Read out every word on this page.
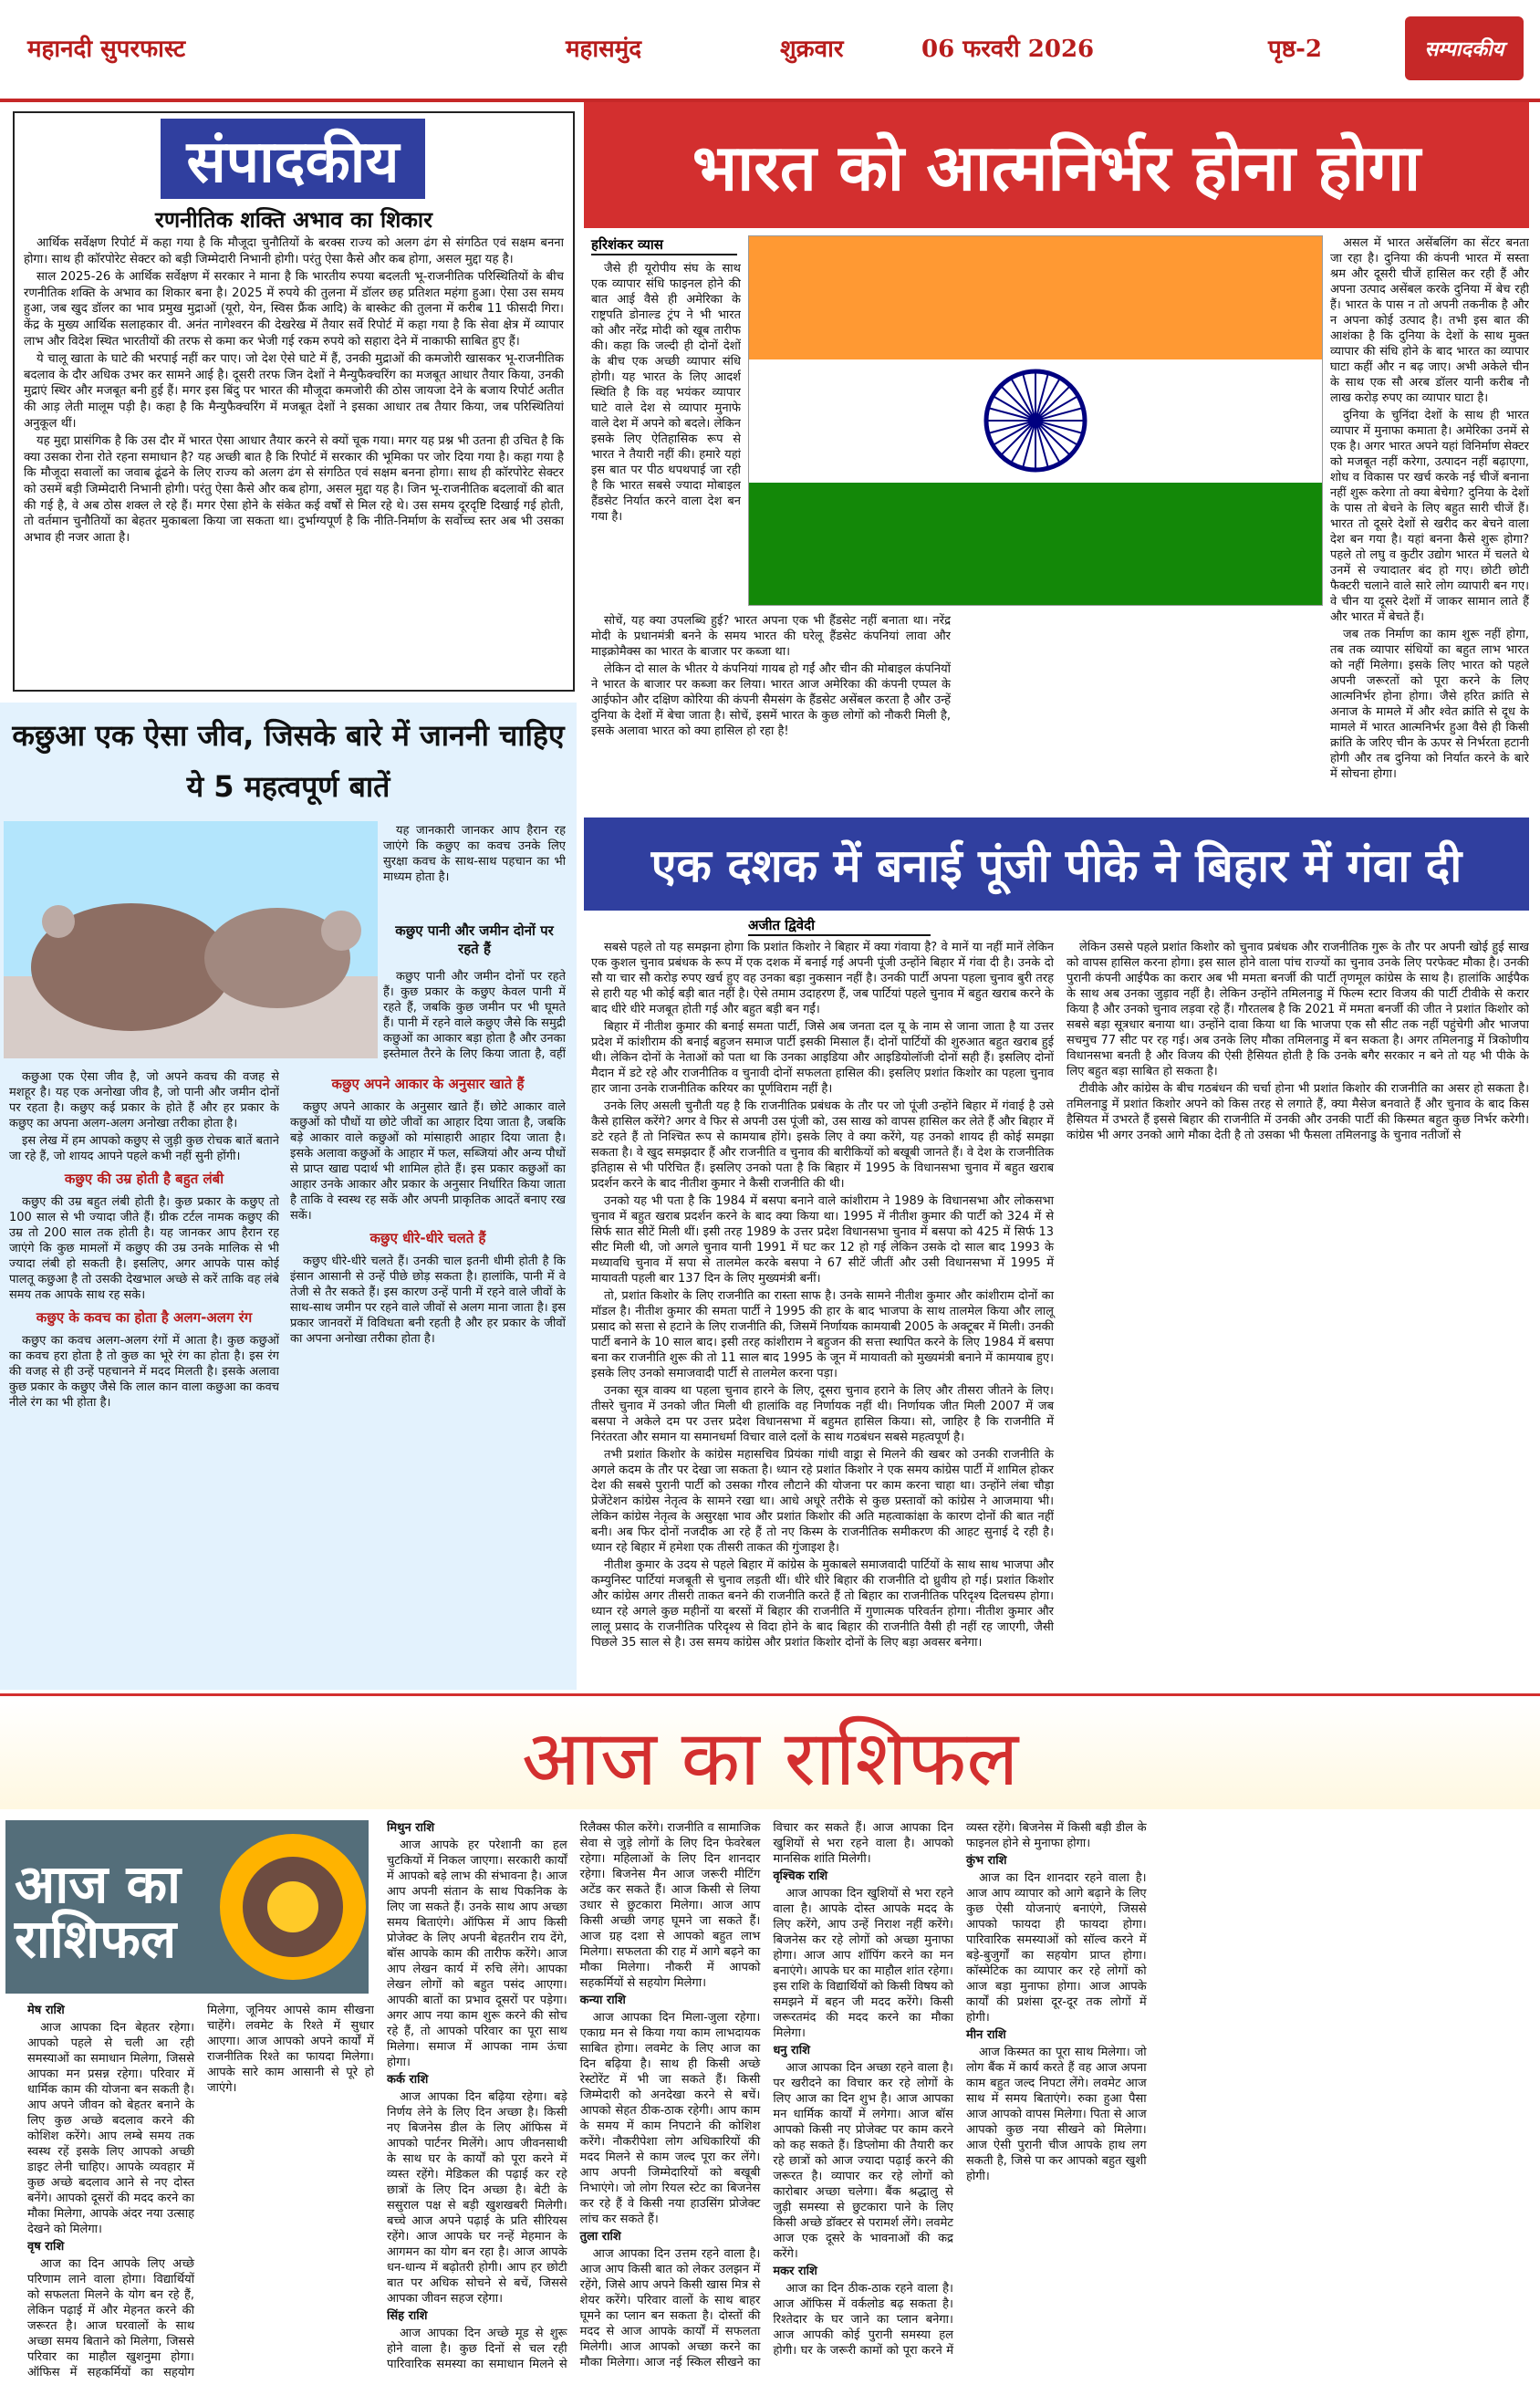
महानदी सुपरफास्ट	महासमुंद	शुक्रवार	06 फरवरी 2026	पृष्ठ-2	सम्पादकीय
संपादकीय
रणनीतिक शक्ति अभाव का शिकार

आर्थिक सर्वेक्षण रिपोर्ट में कहा गया है कि मौजूदा चुनौतियों के बरक्स राज्य को अलग ढंग से संगठित एवं सक्षम बनना होगा। साथ ही कॉरपोरेट सेक्टर को बड़ी जिम्मेदारी निभानी होगी। परंतु ऐसा कैसे और कब होगा, असल मुद्दा यह है।

साल 2025-26 के आर्थिक सर्वेक्षण में सरकार ने माना है कि भारतीय रुपया बदलती भू-राजनीतिक परिस्थितियों के बीच रणनीतिक शक्ति के अभाव का शिकार बना है। 2025 में रुपये की तुलना में डॉलर छह प्रतिशत महंगा हुआ। ऐसा उस समय हुआ, जब खुद डॉलर का भाव प्रमुख मुद्राओं (यूरो, येन, स्विस फ्रैंक आदि) के बास्केट की तुलना में करीब 11 फीसदी गिरा। केंद्र के मुख्य आर्थिक सलाहकार वी. अनंत नागेश्वरन की देखरेख में तैयार सर्वे रिपोर्ट में कहा गया है कि सेवा क्षेत्र में व्यापार लाभ और विदेश स्थित भारतीयों की तरफ से कमा कर भेजी गई रकम रुपये को सहारा देने में नाकाफी साबित हुए हैं।

ये चालू खाता के घाटे की भरपाई नहीं कर पाए। जो देश ऐसे घाटे में हैं, उनकी मुद्राओं की कमजोरी खासकर भू-राजनीतिक बदलाव के दौर अधिक उभर कर सामने आई है। दूसरी तरफ जिन देशों ने मैन्युफैक्चरिंग का मजबूत आधार तैयार किया, उनकी मुद्राएं स्थिर और मजबूत बनी हुई हैं। मगर इस बिंदु पर भारत की मौजूदा कमजोरी की ठोस जायजा देने के बजाय रिपोर्ट अतीत की आड़ लेती मालूम पड़ी है। कहा है कि मैन्युफैक्चरिंग में मजबूत देशों ने इसका आधार तब तैयार किया, जब परिस्थितियां अनुकूल थीं।

यह मुद्दा प्रासंगिक है कि उस दौर में भारत ऐसा आधार तैयार करने से क्यों चूक गया। मगर यह प्रश्न भी उतना ही उचित है कि क्या उसका रोना रोते रहना समाधान है? यह अच्छी बात है कि रिपोर्ट में सरकार की भूमिका पर जोर दिया गया है। कहा गया है कि मौजूदा सवालों का जवाब ढूंढने के लिए राज्य को अलग ढंग से संगठित एवं सक्षम बनना होगा। साथ ही कॉरपोरेट सेक्टर को उसमें बड़ी जिम्मेदारी निभानी होगी। परंतु ऐसा कैसे और कब होगा, असल मुद्दा यह है। जिन भू-राजनीतिक बदलावों की बात की गई है, वे अब ठोस शक्ल ले रहे हैं। मगर ऐसा होने के संकेत कई वर्षों से मिल रहे थे। उस समय दूरदृष्टि दिखाई गई होती, तो वर्तमान चुनौतियों का बेहतर मुकाबला किया जा सकता था। दुर्भाग्यपूर्ण है कि नीति-निर्माण के सर्वोच्च स्तर अब भी उसका अभाव ही नजर आता है।

भारत को आत्मनिर्भर होना होगा
हरिशंकर व्यास

जैसे ही यूरोपीय संघ के साथ एक व्यापार संधि फाइनल होने की बात आई वैसे ही अमेरिका के राष्ट्रपति डोनाल्ड ट्रंप ने भी भारत को और नरेंद्र मोदी को खूब तारीफ की। कहा कि जल्दी ही दोनों देशों के बीच एक अच्छी व्यापार संधि होगी। यह भारत के लिए आदर्श स्थिति है कि वह भयंकर व्यापार घाटे वाले देश से व्यापार मुनाफे वाले देश में अपने को बदले। लेकिन इसके लिए ऐतिहासिक रूप से भारत ने तैयारी नहीं की। हमारे यहां इस बात पर पीठ थपथपाई जा रही है कि भारत सबसे ज्यादा मोबाइल हैंडसेट निर्यात करने वाला देश बन गया है।

सोचें, यह क्या उपलब्धि हुई? भारत अपना एक भी हैंडसेट नहीं बनाता था। नरेंद्र मोदी के प्रधानमंत्री बनने के समय भारत की घरेलू हैंडसेट कंपनियां लावा और माइक्रोमैक्स का भारत के बाजार पर कब्जा था।

लेकिन दो साल के भीतर ये कंपनियां गायब हो गईं और चीन की मोबाइल कंपनियों ने भारत के बाजार पर कब्जा कर लिया। भारत आज अमेरिका की कंपनी एप्पल के आईफोन और दक्षिण कोरिया की कंपनी सैमसंग के हैंडसेट असेंबल करता है और उन्हें दुनिया के देशों में बेचा जाता है। सोचें, इसमें भारत के कुछ लोगों को नौकरी मिली है, इसके अलावा भारत को क्या हासिल हो रहा है!

असल में भारत असेंबलिंग का सेंटर बनता जा रहा है। दुनिया की कंपनी भारत में सस्ता श्रम और दूसरी चीजें हासिल कर रही हैं और अपना उत्पाद असेंबल करके दुनिया में बेच रही हैं। भारत के पास न तो अपनी तकनीक है और न अपना कोई उत्पाद है। तभी इस बात की आशंका है कि दुनिया के देशों के साथ मुक्त व्यापार की संधि होने के बाद भारत का व्यापार घाटा कहीं और न बढ़ जाए। अभी अकेले चीन के साथ एक सौ अरब डॉलर यानी करीब नौ लाख करोड़ रुपए का व्यापार घाटा है।

दुनिया के चुनिंदा देशों के साथ ही भारत व्यापार में मुनाफा कमाता है। अमेरिका उनमें से एक है। अगर भारत अपने यहां विनिर्माण सेक्टर को मजबूत नहीं करेगा, उत्पादन नहीं बढ़ाएगा, शोध व विकास पर खर्च करके नई चीजें बनाना नहीं शुरू करेगा तो क्या बेचेगा? दुनिया के देशों के पास तो बेचने के लिए बहुत सारी चीजें हैं। भारत तो दूसरे देशों से खरीद कर बेचने वाला देश बन गया है। यहां बनना कैसे शुरू होगा? पहले तो लघु व कुटीर उद्योग भारत में चलते थे उनमें से ज्यादातर बंद हो गए। छोटी छोटी फैक्टरी चलाने वाले सारे लोग व्यापारी बन गए। वे चीन या दूसरे देशों में जाकर सामान लाते हैं और भारत में बेचते हैं।

जब तक निर्माण का काम शुरू नहीं होगा, तब तक व्यापार संधियों का बहुत लाभ भारत को नहीं मिलेगा। इसके लिए भारत को पहले अपनी जरूरतों को पूरा करने के लिए आत्मनिर्भर होना होगा। जैसे हरित क्रांति से अनाज के मामले में और श्वेत क्रांति से दूध के मामले में भारत आत्मनिर्भर हुआ वैसे ही किसी क्रांति के जरिए चीन के ऊपर से निर्भरता हटानी होगी और तब दुनिया को निर्यात करने के बारे में सोचना होगा।

कछुआ एक ऐसा जीव, जिसके बारे में जाननी चाहिए ये 5 महत्वपूर्ण बातें

यह जानकारी जानकर आप हैरान रह जाएंगे कि कछुए का कवच उनके लिए सुरक्षा कवच के साथ-साथ पहचान का भी माध्यम होता है।

कछुए पानी और जमीन दोनों पर रहते हैं

कछुए पानी और जमीन दोनों पर रहते हैं। कुछ प्रकार के कछुए केवल पानी में रहते हैं, जबकि कुछ जमीन पर भी घूमते हैं। पानी में रहने वाले कछुए जैसे कि समुद्री कछुओं का आकार बड़ा होता है और उनका इस्तेमाल तैरने के लिए किया जाता है, वहीं

कछुआ एक ऐसा जीव है, जो अपने कवच की वजह से मशहूर है। यह एक अनोखा जीव है, जो पानी और जमीन दोनों पर रहता है। कछुए कई प्रकार के होते हैं और हर प्रकार के कछुए का अपना अलग-अलग अनोखा तरीका होता है।

इस लेख में हम आपको कछुए से जुड़ी कुछ रोचक बातें बताने जा रहे हैं, जो शायद आपने पहले कभी नहीं सुनी होंगी।

कछुए की उम्र होती है बहुत लंबी

कछुए की उम्र बहुत लंबी होती है। कुछ प्रकार के कछुए तो 100 साल से भी ज्यादा जीते हैं। ग्रीक टर्टल नामक कछुए की उम्र तो 200 साल तक होती है। यह जानकर आप हैरान रह जाएंगे कि कुछ मामलों में कछुए की उम्र उनके मालिक से भी ज्यादा लंबी हो सकती है। इसलिए, अगर आपके पास कोई पालतू कछुआ है तो उसकी देखभाल अच्छे से करें ताकि वह लंबे समय तक आपके साथ रह सके।

कछुए के कवच का होता है अलग-अलग रंग

कछुए का कवच अलग-अलग रंगों में आता है। कुछ कछुओं का कवच हरा होता है तो कुछ का भूरे रंग का होता है। इस रंग की वजह से ही उन्हें पहचानने में मदद मिलती है। इसके अलावा कुछ प्रकार के कछुए जैसे कि लाल कान वाला कछुआ का कवच नीले रंग का भी होता है।

कछुए अपने आकार के अनुसार खाते हैं

कछुए अपने आकार के अनुसार खाते हैं। छोटे आकार वाले कछुओं को पौधों या छोटे जीवों का आहार दिया जाता है, जबकि बड़े आकार वाले कछुओं को मांसाहारी आहार दिया जाता है। इसके अलावा कछुओं के आहार में फल, सब्जियां और अन्य पौधों से प्राप्त खाद्य पदार्थ भी शामिल होते हैं। इस प्रकार कछुओं का आहार उनके आकार और प्रकार के अनुसार निर्धारित किया जाता है ताकि वे स्वस्थ रह सकें और अपनी प्राकृतिक आदतें बनाए रख सकें।

कछुए धीरे-धीरे चलते हैं

कछुए धीरे-धीरे चलते हैं। उनकी चाल इतनी धीमी होती है कि इंसान आसानी से उन्हें पीछे छोड़ सकता है। हालांकि, पानी में वे तेजी से तैर सकते हैं। इस कारण उन्हें पानी में रहने वाले जीवों के साथ-साथ जमीन पर रहने वाले जीवों से अलग माना जाता है। इस प्रकार जानवरों में विविधता बनी रहती है और हर प्रकार के जीवों का अपना अनोखा तरीका होता है।

एक दशक में बनाई पूंजी पीके ने बिहार में गंवा दी
अजीत द्विवेदी

सबसे पहले तो यह समझना होगा कि प्रशांत किशोर ने बिहार में क्या गंवाया है? वे मानें या नहीं मानें लेकिन एक कुशल चुनाव प्रबंधक के रूप में एक दशक में बनाई गई अपनी पूंजी उन्होंने बिहार में गंवा दी है। उनके दो सौ या चार सौ करोड़ रुपए खर्च हुए वह उनका बड़ा नुकसान नहीं है। उनकी पार्टी अपना पहला चुनाव बुरी तरह से हारी यह भी कोई बड़ी बात नहीं है। ऐसे तमाम उदाहरण हैं, जब पार्टियां पहले चुनाव में बहुत खराब करने के बाद धीरे धीरे मजबूत होती गई और बहुत बड़ी बन गईं।

बिहार में नीतीश कुमार की बनाई समता पार्टी, जिसे अब जनता दल यू के नाम से जाना जाता है या उत्तर प्रदेश में कांशीराम की बनाई बहुजन समाज पार्टी इसकी मिसाल हैं। दोनों पार्टियों की शुरुआत बहुत खराब हुई थी। लेकिन दोनों के नेताओं को पता था कि उनका आइडिया और आइडियोलॉजी दोनों सही हैं। इसलिए दोनों मैदान में डटे रहे और राजनीतिक व चुनावी दोनों सफलता हासिल की। इसलिए प्रशांत किशोर का पहला चुनाव हार जाना उनके राजनीतिक करियर का पूर्णविराम नहीं है।

उनके लिए असली चुनौती यह है कि राजनीतिक प्रबंधक के तौर पर जो पूंजी उन्होंने बिहार में गंवाई है उसे कैसे हासिल करेंगे? अगर वे फिर से अपनी उस पूंजी को, उस साख को वापस हासिल कर लेते हैं और बिहार में डटे रहते हैं तो निश्चित रूप से कामयाब होंगे। इसके लिए वे क्या करेंगे, यह उनको शायद ही कोई समझा सकता है। वे खुद समझदार हैं और राजनीति व चुनाव की बारीकियों को बखूबी जानते हैं। वे देश के राजनीतिक इतिहास से भी परिचित हैं। इसलिए उनको पता है कि बिहार में 1995 के विधानसभा चुनाव में बहुत खराब प्रदर्शन करने के बाद नीतीश कुमार ने कैसी राजनीति की थी।

उनको यह भी पता है कि 1984 में बसपा बनाने वाले कांशीराम ने 1989 के विधानसभा और लोकसभा चुनाव में बहुत खराब प्रदर्शन करने के बाद क्या किया था। 1995 में नीतीश कुमार की पार्टी को 324 में से सिर्फ सात सीटें मिली थीं। इसी तरह 1989 के उत्तर प्रदेश विधानसभा चुनाव में बसपा को 425 में सिर्फ 13 सीट मिली थी, जो अगले चुनाव यानी 1991 में घट कर 12 हो गई लेकिन उसके दो साल बाद 1993 के मध्यावधि चुनाव में सपा से तालमेल करके बसपा ने 67 सीटें जीतीं और उसी विधानसभा में 1995 में मायावती पहली बार 137 दिन के लिए मुख्यमंत्री बनीं।

तो, प्रशांत किशोर के लिए राजनीति का रास्ता साफ है। उनके सामने नीतीश कुमार और कांशीराम दोनों का मॉडल है। नीतीश कुमार की समता पार्टी ने 1995 की हार के बाद भाजपा के साथ तालमेल किया और लालू प्रसाद को सत्ता से हटाने के लिए राजनीति की, जिसमें निर्णायक कामयाबी 2005 के अक्टूबर में मिली। उनकी पार्टी बनाने के 10 साल बाद। इसी तरह कांशीराम ने बहुजन की सत्ता स्थापित करने के लिए 1984 में बसपा बना कर राजनीति शुरू की तो 11 साल बाद 1995 के जून में मायावती को मुख्यमंत्री बनाने में कामयाब हुए। इसके लिए उनको समाजवादी पार्टी से तालमेल करना पड़ा।

उनका सूत्र वाक्य था पहला चुनाव हारने के लिए, दूसरा चुनाव हराने के लिए और तीसरा जीतने के लिए। तीसरे चुनाव में उनको जीत मिली थी हालांकि वह निर्णायक नहीं थी। निर्णायक जीत मिली 2007 में जब बसपा ने अकेले दम पर उत्तर प्रदेश विधानसभा में बहुमत हासिल किया। सो, जाहिर है कि राजनीति में निरंतरता और समान या समानधर्मा विचार वाले दलों के साथ गठबंधन सबसे महत्वपूर्ण है।

तभी प्रशांत किशोर के कांग्रेस महासचिव प्रियंका गांधी वाड्रा से मिलने की खबर को उनकी राजनीति के अगले कदम के तौर पर देखा जा सकता है। ध्यान रहे प्रशांत किशोर ने एक समय कांग्रेस पार्टी में शामिल होकर देश की सबसे पुरानी पार्टी को उसका गौरव लौटाने की योजना पर काम करना चाहा था। उन्होंने लंबा चौड़ा प्रेजेंटेशन कांग्रेस नेतृत्व के सामने रखा था। आधे अधूरे तरीके से कुछ प्रस्तावों को कांग्रेस ने आजमाया भी। लेकिन कांग्रेस नेतृत्व के असुरक्षा भाव और प्रशांत किशोर की अति महत्वाकांक्षा के कारण दोनों की बात नहीं बनी। अब फिर दोनों नजदीक आ रहे हैं तो नए किस्म के राजनीतिक समीकरण की आहट सुनाई दे रही है। ध्यान रहे बिहार में हमेशा एक तीसरी ताकत की गुंजाइश है।

नीतीश कुमार के उदय से पहले बिहार में कांग्रेस के मुकाबले समाजवादी पार्टियों के साथ साथ भाजपा और कम्युनिस्ट पार्टियां मजबूती से चुनाव लड़ती थीं। धीरे धीरे बिहार की राजनीति दो ध्रुवीय हो गई। प्रशांत किशोर और कांग्रेस अगर तीसरी ताकत बनने की राजनीति करते हैं तो बिहार का राजनीतिक परिदृश्य दिलचस्प होगा। ध्यान रहे अगले कुछ महीनों या बरसों में बिहार की राजनीति में गुणात्मक परिवर्तन होगा। नीतीश कुमार और लालू प्रसाद के राजनीतिक परिदृश्य से विदा होने के बाद बिहार की राजनीति वैसी ही नहीं रह जाएगी, जैसी पिछले 35 साल से है। उस समय कांग्रेस और प्रशांत किशोर दोनों के लिए बड़ा अवसर बनेगा।

लेकिन उससे पहले प्रशांत किशोर को चुनाव प्रबंधक और राजनीतिक गुरू के तौर पर अपनी खोई हुई साख को वापस हासिल करना होगा। इस साल होने वाला पांच राज्यों का चुनाव उनके लिए परफेक्ट मौका है। उनकी पुरानी कंपनी आईपैक का करार अब भी ममता बनर्जी की पार्टी तृणमूल कांग्रेस के साथ है। हालांकि आईपैक के साथ अब उनका जुड़ाव नहीं है। लेकिन उन्होंने तमिलनाडु में फिल्म स्टार विजय की पार्टी टीवीके से करार किया है और उनको चुनाव लड़वा रहे हैं। गौरतलब है कि 2021 में ममता बनर्जी की जीत ने प्रशांत किशोर को सबसे बड़ा सूत्रधार बनाया था। उन्होंने दावा किया था कि भाजपा एक सौ सीट तक नहीं पहुंचेगी और भाजपा सचमुच 77 सीट पर रह गई। अब उनके लिए मौका तमिलनाडु में बन सकता है। अगर तमिलनाडु में त्रिकोणीय विधानसभा बनती है और विजय की ऐसी हैसियत होती है कि उनके बगैर सरकार न बने तो यह भी पीके के लिए बहुत बड़ा साबित हो सकता है।

टीवीके और कांग्रेस के बीच गठबंधन की चर्चा होना भी प्रशांत किशोर की राजनीति का असर हो सकता है। तमिलनाडु में प्रशांत किशोर अपने को किस तरह से लगाते हैं, क्या मैसेज बनवाते हैं और चुनाव के बाद किस हैसियत में उभरते हैं इससे बिहार की राजनीति में उनकी और उनकी पार्टी की किस्मत बहुत कुछ निर्भर करेगी। कांग्रेस भी अगर उनको आगे मौका देती है तो उसका भी फैसला तमिलनाडु के चुनाव नतीजों से

आज का राशिफल
आज का राशिफल

मेष राशि

आज आपका दिन बेहतर रहेगा। आपको पहले से चली आ रही समस्याओं का समाधान मिलेगा, जिससे आपका मन प्रसन्न रहेगा। परिवार में धार्मिक काम की योजना बन सकती है। आप अपने जीवन को बेहतर बनाने के लिए कुछ अच्छे बदलाव करने की कोशिश करेंगे। आप लम्बे समय तक स्वस्थ रहें इसके लिए आपको अच्छी डाइट लेनी चाहिए। आपके व्यवहार में कुछ अच्छे बदलाव आने से नए दोस्त बनेंगे। आपको दूसरों की मदद करने का मौका मिलेगा, आपके अंदर नया उत्साह देखने को मिलेगा।

वृष राशि

आज का दिन आपके लिए अच्छे परिणाम लाने वाला होगा। विद्यार्थियों को सफलता मिलने के योग बन रहे हैं, लेकिन पढ़ाई में और मेहनत करने की जरूरत है। आज घरवालों के साथ अच्छा समय बिताने को मिलेगा, जिससे परिवार का माहौल खुशनुमा होगा। ऑफिस में सहकर्मियों का सहयोग मिलेगा, जूनियर आपसे काम सीखना चाहेंगे। लवमेट के रिश्ते में सुधार आएगा। आज आपको अपने कार्यों में राजनीतिक रिश्ते का फायदा मिलेगा। आपके सारे काम आसानी से पूरे हो जाएंगे।

मिथुन राशि

आज आपके हर परेशानी का हल चुटकियों में निकल जाएगा। सरकारी कार्यों में आपको बड़े लाभ की संभावना है। आज आप अपनी संतान के साथ पिकनिक के लिए जा सकते हैं। उनके साथ आप अच्छा समय बिताएंगे। ऑफिस में आप किसी प्रोजेक्ट के लिए अपनी बेहतरीन राय देंगे, बॉस आपके काम की तारीफ करेंगे। आज आप लेखन कार्य में रुचि लेंगे। आपका लेखन लोगों को बहुत पसंद आएगा। आपकी बातों का प्रभाव दूसरों पर पड़ेगा। अगर आप नया काम शुरू करने की सोच रहे हैं, तो आपको परिवार का पूरा साथ मिलेगा। समाज में आपका नाम ऊंचा होगा।

कर्क राशि

आज आपका दिन बढ़िया रहेगा। बड़े निर्णय लेने के लिए दिन अच्छा है। किसी नए बिजनेस डील के लिए ऑफिस में आपको पार्टनर मिलेंगे। आप जीवनसाथी के साथ घर के कार्यों को पूरा करने में व्यस्त रहेंगे। मेडिकल की पढ़ाई कर रहे छात्रों के लिए दिन अच्छा है। बेटी के ससुराल पक्ष से बड़ी खुशखबरी मिलेगी। बच्चे आज अपने पढ़ाई के प्रति सीरियस रहेंगे। आज आपके घर नन्हें मेहमान के आगमन का योग बन रहा है। आज आपके धन-धान्य में बढ़ोतरी होगी। आप हर छोटी बात पर अधिक सोचने से बचें, जिससे आपका जीवन सहज रहेगा।

सिंह राशि

आज आपका दिन अच्छे मूड से शुरू होने वाला है। कुछ दिनों से चल रही पारिवारिक समस्या का समाधान मिलने से रिलैक्स फील करेंगे। राजनीति व सामाजिक सेवा से जुड़े लोगों के लिए दिन फेवरेबल रहेगा। महिलाओं के लिए दिन शानदार रहेगा। बिजनेस मैन आज जरूरी मीटिंग अटेंड कर सकते हैं। आज किसी से लिया उधार से छुटकारा मिलेगा। आज आप किसी अच्छी जगह घूमने जा सकते हैं। आज ग्रह दशा से आपको बहुत लाभ मिलेगा। सफलता की राह में आगे बढ़ने का मौका मिलेगा। नौकरी में आपको सहकर्मियों से सहयोग मिलेगा।

कन्या राशि

आज आपका दिन मिला-जुला रहेगा। एकाग्र मन से किया गया काम लाभदायक साबित होगा। लवमेट के लिए आज का दिन बढ़िया है। साथ ही किसी अच्छे रेस्टोरेंट में भी जा सकते हैं। किसी जिम्मेदारी को अनदेखा करने से बचें। आपको सेहत ठीक-ठाक रहेगी। आप काम के समय में काम निपटाने की कोशिश करेंगे। नौकरीपेशा लोग अधिकारियों की मदद मिलने से काम जल्द पूरा कर लेंगे। आप अपनी जिम्मेदारियों को बखूबी निभाएंगे। जो लोग रियल स्टेट का बिजनेस कर रहे हैं वे किसी नया हाउसिंग प्रोजेक्ट लांच कर सकते हैं।

तुला राशि

आज आपका दिन उत्तम रहने वाला है। आज आप किसी बात को लेकर उलझन में रहेंगे, जिसे आप अपने किसी खास मित्र से शेयर करेंगे। परिवार वालों के साथ बाहर घूमने का प्लान बन सकता है। दोस्तों की मदद से आज आपके कार्यों में सफलता मिलेगी। आज आपको अच्छा करने का मौका मिलेगा। आज नई स्किल सीखने का विचार कर सकते हैं। आज आपका दिन खुशियों से भरा रहने वाला है। आपको मानसिक शांति मिलेगी।

वृश्चिक राशि

आज आपका दिन खुशियों से भरा रहने वाला है। आपके दोस्त आपके मदद के लिए करेंगे, आप उन्हें निराश नहीं करेंगे। बिजनेस कर रहे लोगों को अच्छा मुनाफा होगा। आज आप शॉपिंग करने का मन बनाएंगे। आपके घर का माहौल शांत रहेगा। इस राशि के विद्यार्थियों को किसी विषय को समझने में बहन जी मदद करेंगे। किसी जरूरतमंद की मदद करने का मौका मिलेगा।

धनु राशि

आज आपका दिन अच्छा रहने वाला है। पर खरीदने का विचार कर रहे लोगों के लिए आज का दिन शुभ है। आज आपका मन धार्मिक कार्यों में लगेगा। आज बॉस आपको किसी नए प्रोजेक्ट पर काम करने को कह सकते हैं। डिप्लोमा की तैयारी कर रहे छात्रों को आज ज्यादा पढ़ाई करने की जरूरत है। व्यापार कर रहे लोगों को कारोबार अच्छा चलेगा। बैंक श्रद्धालु से जुड़ी समस्या से छुटकारा पाने के लिए किसी अच्छे डॉक्टर से परामर्श लेंगे। लवमेट आज एक दूसरे के भावनाओं की कद्र करेंगे।

मकर राशि

आज का दिन ठीक-ठाक रहने वाला है। आज ऑफिस में वर्कलोड बढ़ सकता है। रिश्तेदार के घर जाने का प्लान बनेगा। आज आपकी कोई पुरानी समस्या हल होगी। घर के जरूरी कामों को पूरा करने में व्यस्त रहेंगे। बिजनेस में किसी बड़ी डील के फाइनल होने से मुनाफा होगा।

कुंभ राशि

आज का दिन शानदार रहने वाला है। आज आप व्यापार को आगे बढ़ाने के लिए कुछ ऐसी योजनाएं बनाएंगे, जिससे आपको फायदा ही फायदा होगा। पारिवारिक समस्याओं को सॉल्व करने में बड़े-बुजुर्गों का सहयोग प्राप्त होगा। कॉस्मेटिक का व्यापार कर रहे लोगों को आज बड़ा मुनाफा होगा। आज आपके कार्यों की प्रशंसा दूर-दूर तक लोगों में होगी।

मीन राशि

आज किस्मत का पूरा साथ मिलेगा। जो लोग बैंक में कार्य करते हैं वह आज अपना काम बहुत जल्द निपटा लेंगे। लवमेट आज साथ में समय बिताएंगे। रुका हुआ पैसा आज आपको वापस मिलेगा। पिता से आज आपको कुछ नया सीखने को मिलेगा। आज ऐसी पुरानी चीज आपके हाथ लग सकती है, जिसे पा कर आपको बहुत खुशी होगी।
